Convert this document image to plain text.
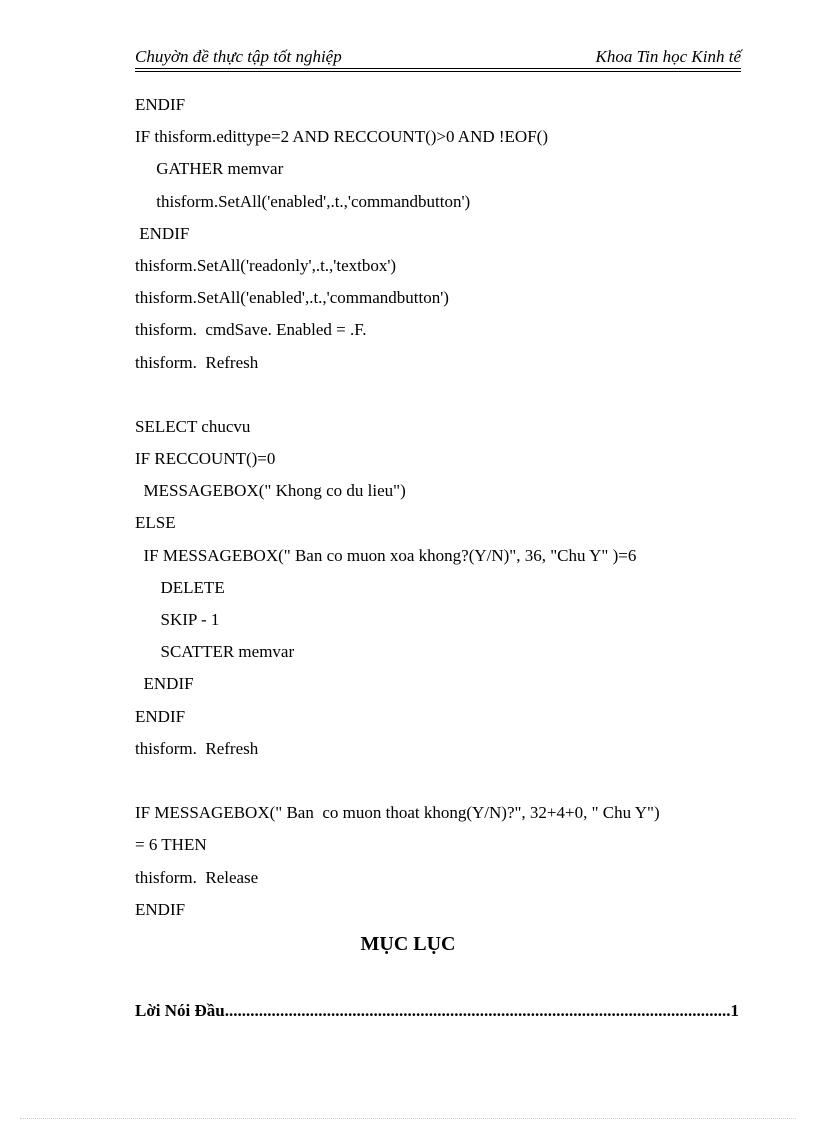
Chuyờn đề thực tập tốt nghiệp	Khoa Tin học Kinh tế
ENDIF
IF thisform.edittype=2 AND RECCOUNT()>0 AND !EOF()
GATHER memvar
thisform.SetAll('enabled',.t.,'commandbutton')
ENDIF
thisform.SetAll('readonly',.t.,'textbox')
thisform.SetAll('enabled',.t.,'commandbutton')
thisform.  cmdSave. Enabled = .F.
thisform.  Refresh
SELECT chucvu
IF RECCOUNT()=0
MESSAGEBOX(" Khong co du lieu")
ELSE
IF MESSAGEBOX(" Ban co muon xoa khong?(Y/N)", 36, "Chu Y" )=6
DELETE
SKIP - 1
SCATTER memvar
ENDIF
ENDIF
thisform.  Refresh
IF MESSAGEBOX(" Ban  co muon thoat khong(Y/N)?", 32+4+0, " Chu Y")
= 6 THEN
thisform.  Release
ENDIF
MỤC LỤC
Lời Nói Đầu.......................................................................................................................1
